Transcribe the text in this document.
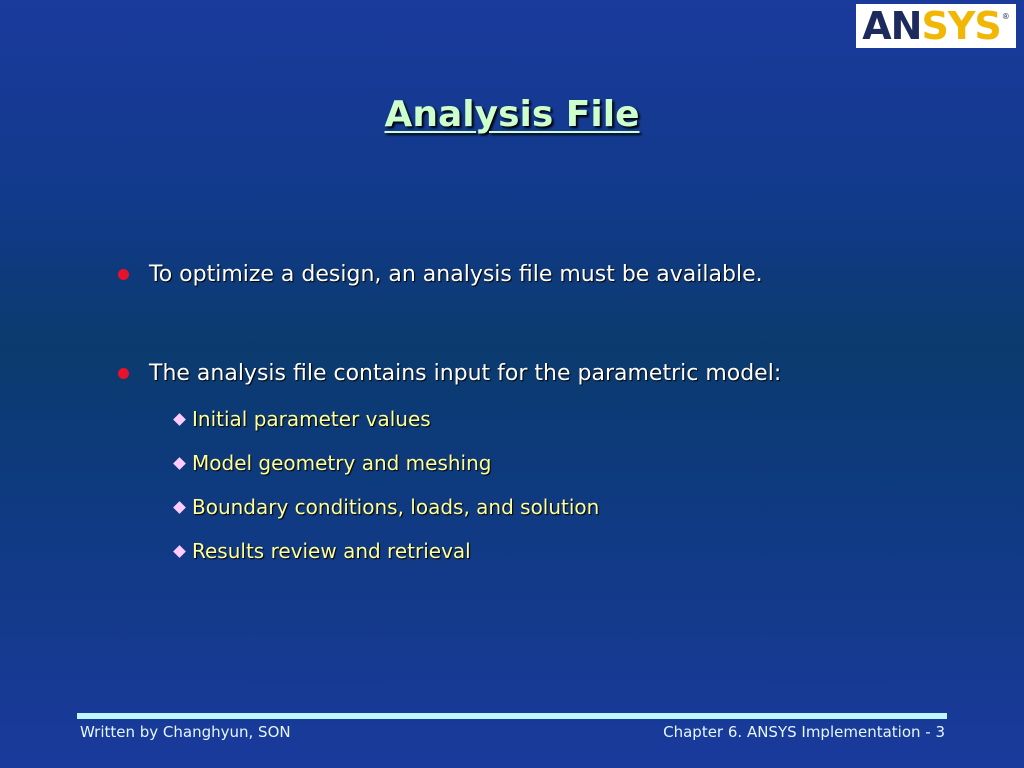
AN SYS ®
Analysis File
To optimize a design, an analysis file must be available.
The analysis file contains input for the parametric model:
Initial parameter values
Model geometry and meshing
Boundary conditions, loads, and solution
Results review and retrieval
Written by Changhyun, SON	Chapter 6. ANSYS Implementation - 3
